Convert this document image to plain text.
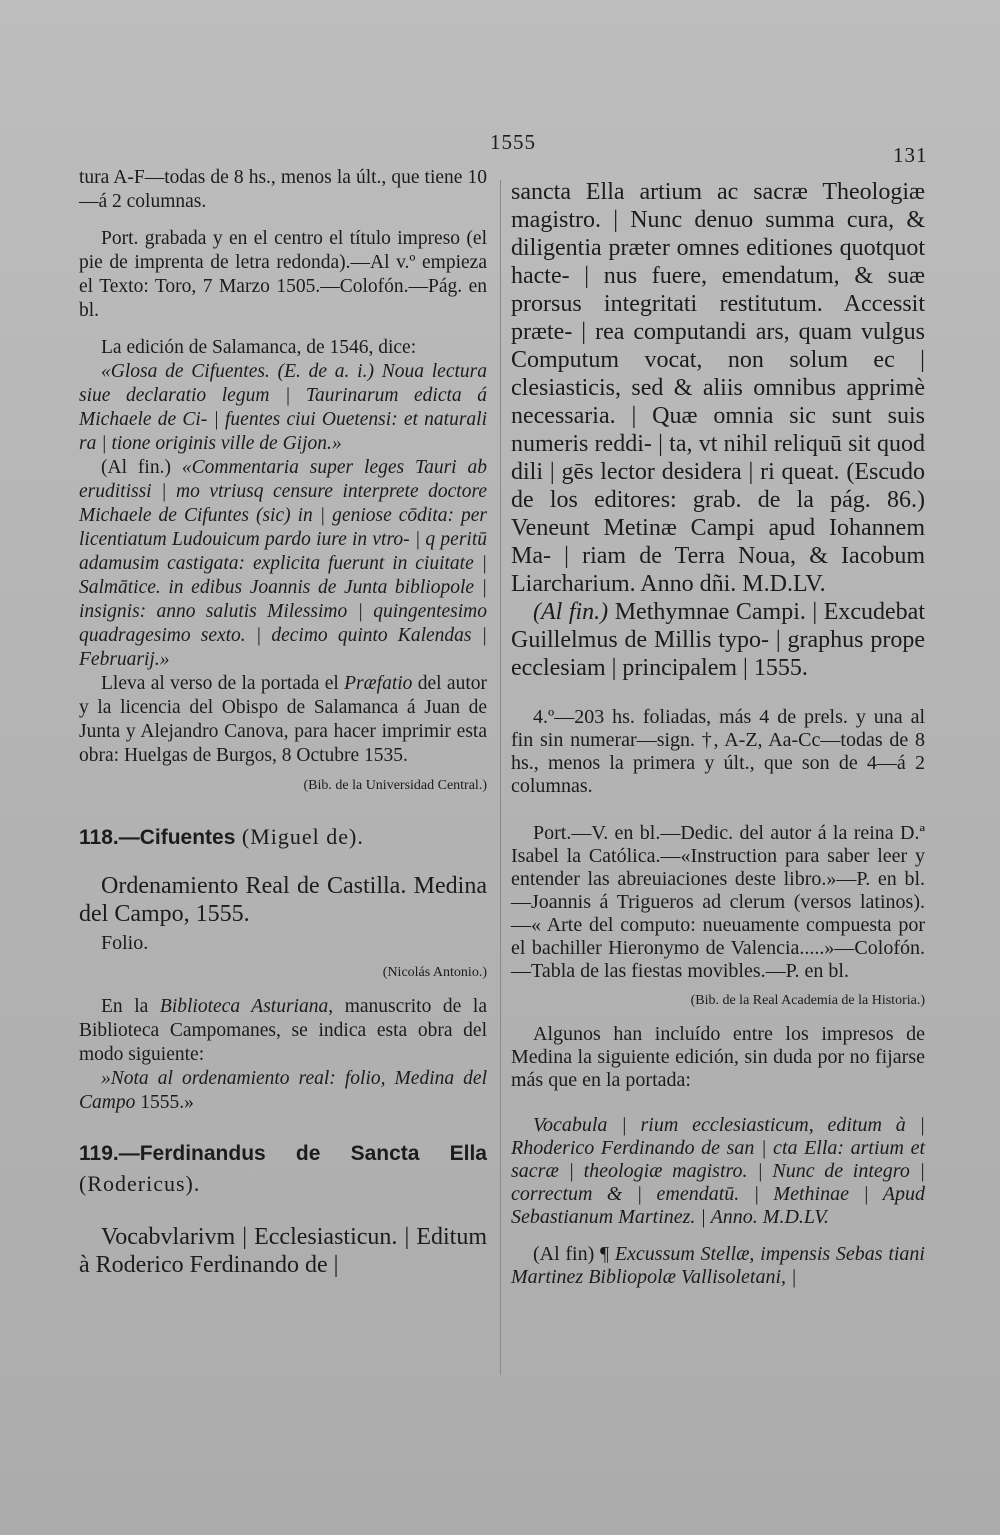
1555
131

tura A-F—todas de 8 hs., menos la últ., que tiene 10—á 2 columnas.

Port. grabada y en el centro el título impreso (el pie de imprenta de letra redonda).—Al v.º empieza el Texto: Toro, 7 Marzo 1505.—Colofón.—Pág. en bl.

La edición de Salamanca, de 1546, dice:

«Glosa de Cifuentes. (E. de a. i.) Noua lectura siue declaratio legum | Taurinarum edicta á Michaele de Ci- | fuentes ciui Ouetensi: et naturali ra | tione originis ville de Gijon.»

(Al fin.) «Commentaria super leges Tauri ab eruditissi | mo vtriusq censure interprete doctore Michaele de Cifuntes (sic) in | geniose cōdita: per licentiatum Ludouicum pardo iure in vtro- | q peritū adamusim castigata: explicita fuerunt in ciuitate | Salmātice. in edibus Joannis de Junta bibliopole | insignis: anno salutis Milessimo | quingentesimo quadragesimo sexto. | decimo quinto Kalendas | Februarij.»

Lleva al verso de la portada el Præfatio del autor y la licencia del Obispo de Salamanca á Juan de Junta y Alejandro Canova, para hacer imprimir esta obra: Huelgas de Burgos, 8 Octubre 1535.

(Bib. de la Universidad Central.)

118.—Cifuentes (Miguel de).

Ordenamiento Real de Castilla. Medina del Campo, 1555.

Folio.

(Nicolás Antonio.)

En la Biblioteca Asturiana, manuscrito de la Biblioteca Campomanes, se indica esta obra del modo siguiente:

»Nota al ordenamiento real: folio, Medina del Campo 1555.»

119.—Ferdinandus de Sancta Ella (Rodericus).

Vocabvlarivm | Ecclesiasticun. | Editum à Roderico Ferdinando de |

sancta Ella artium ac sacræ Theologiæ magistro. | Nunc denuo summa cura, & diligentia præter omnes editiones quotquot hacte- | nus fuere, emendatum, & suæ prorsus integritati restitutum. Accessit præte- | rea computandi ars, quam vulgus Computum vocat, non solum ec | clesiasticis, sed & aliis omnibus apprimè necessaria. | Quæ omnia sic sunt suis numeris reddi- | ta, vt nihil reliquū sit quod dili | gēs lector desidera | ri queat. (Escudo de los editores: grab. de la pág. 86.) Veneunt Metinæ Campi apud Iohannem Ma- | riam de Terra Noua, & Iacobum Liarcharium. Anno dñi. M.D.LV.

(Al fin.) Methymnae Campi. | Excudebat Guillelmus de Millis typo- | graphus prope ecclesiam | principalem | 1555.

4.º—203 hs. foliadas, más 4 de prels. y una al fin sin numerar—sign. †, A-Z, Aa-Cc—todas de 8 hs., menos la primera y últ., que son de 4—á 2 columnas.

Port.—V. en bl.—Dedic. del autor á la reina D.ª Isabel la Católica.—«Instruction para saber leer y entender las abreuiaciones deste libro.»—P. en bl.—Joannis á Trigueros ad clerum (versos latinos).—« Arte del computo: nueuamente compuesta por el bachiller Hieronymo de Valencia.....»—Colofón.—Tabla de las fiestas movibles.—P. en bl.

(Bib. de la Real Academia de la Historia.)

Algunos han incluído entre los impresos de Medina la siguiente edición, sin duda por no fijarse más que en la portada:

Vocabula | rium ecclesiasticum, editum à | Rhoderico Ferdinando de san | cta Ella: artium et sacræ | theologiæ magistro. | Nunc de integro | correctum & | emendatū. | Methinae | Apud Sebastianum Martinez. | Anno. M.D.LV.

(Al fin) ¶ Excussum Stellæ, impensis Sebas tiani Martinez Bibliopolæ Vallisoletani, |
